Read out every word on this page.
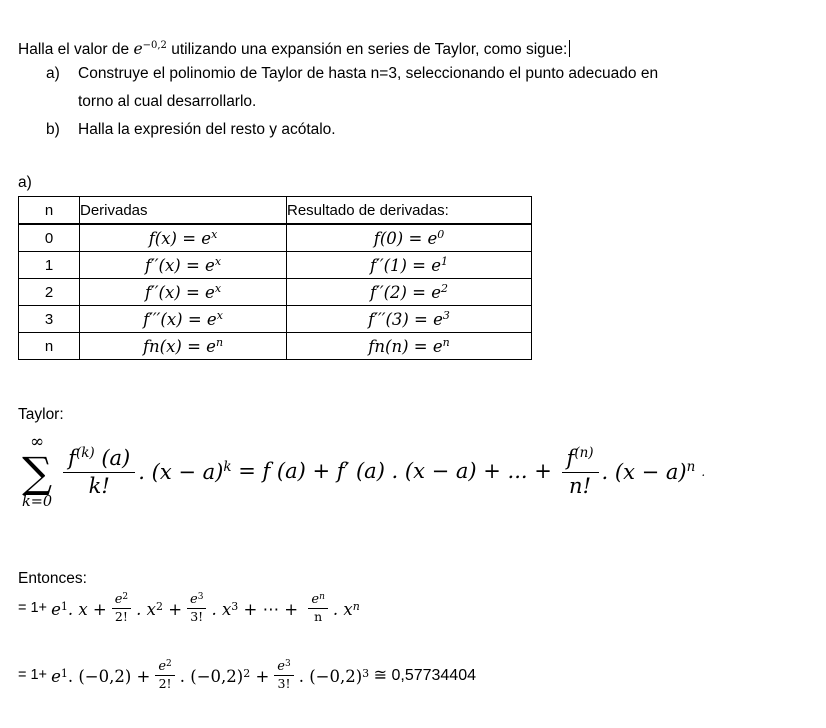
Halla el valor de $e^{-0,2}$ utilizando una expansión en series de Taylor, como sigue:

a)	Construye el polinomio de Taylor de hasta n=3, seleccionando el punto adecuado en
torno al cual desarrollarlo.
b)	Halla la expresión del resto y acótalo.

a)

n	Derivadas	Resultado de derivadas:
0	$f(x) = e^x$	$f(0) = e^0$
1	$f''(x) = e^x$	$f''(1) = e^1$
2	$f''(x) = e^x$	$f''(2) = e^2$
3	$f'''(x) = e^x$	$f'''(3) = e^3$
n	$fn(x) = e^n$	$fn(n) = e^n$

Taylor:

∞
∑
k=0
$\frac{f^{(k)} (a)}{k!}$ . $(x - a)^k = f$ (a) + f′ (a) . (x − a) + ... + $\frac{f^{(n)}}{n!}$ . $(x - a)^n$ .

Entonces:

= $1+ e^1$. $x + \frac{e^2}{2!}$ . $x^2 + \frac{e^3}{3!}$ . $x^3$ + ⋯ + $\frac{e^n}{n}$ . $x^n$
= $1+ e^1$. $(-0,2) + \frac{e^2}{2!}$ . $(-0,2)^2 + \frac{e^3}{3!}$ . $(-0,2)^3$ ≅ 0,57734404
